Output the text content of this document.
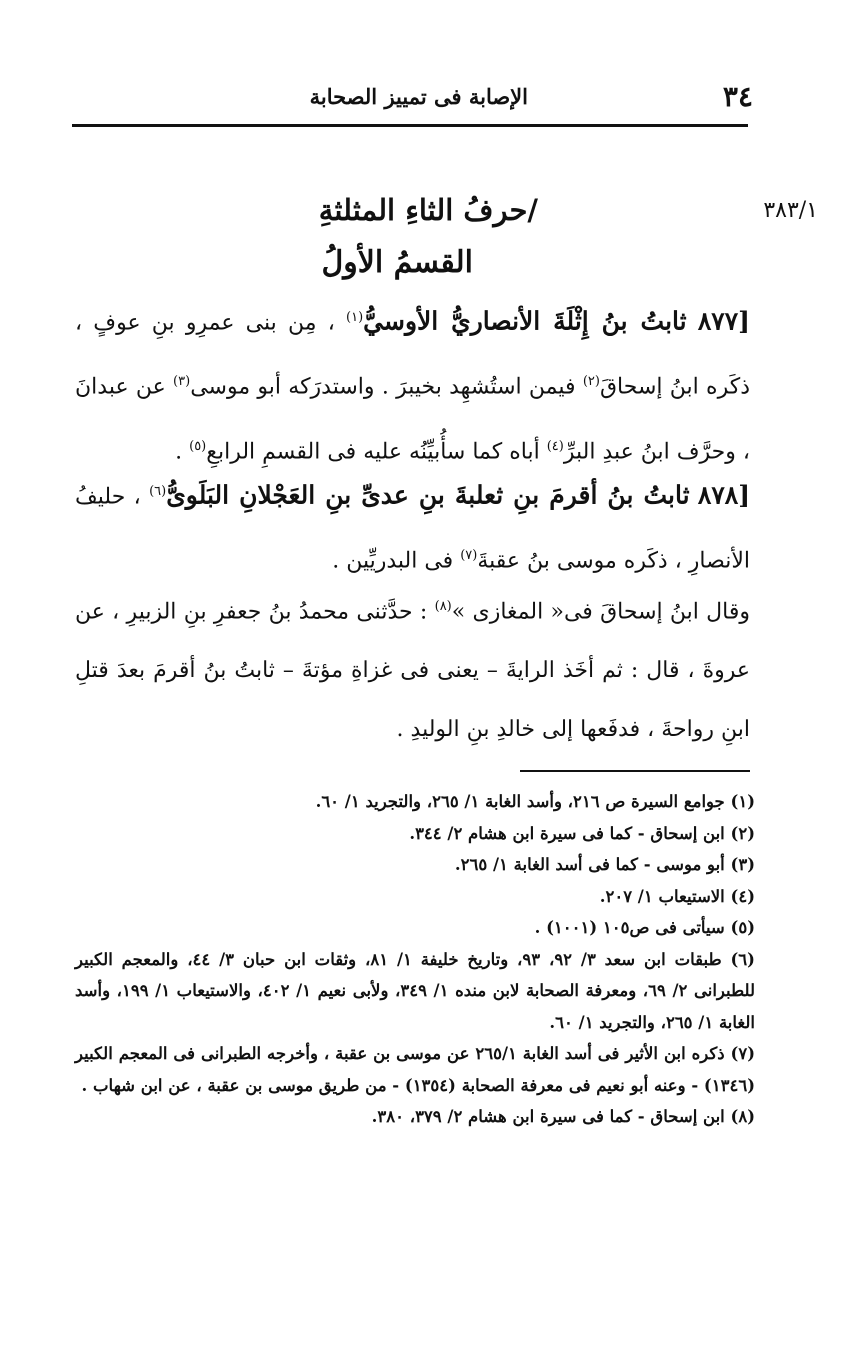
٣٤
الإصابة فى تمييز الصحابة
٣٨٣/١
/حرفُ الثاءِ المثلثةِ
القسمُ الأولُ

[٨٧٧ ثابتُ بنُ إِثْلَةَ الأنصاريُّ الأوسيُّ$^{(١)}$ ، مِن بنى عمرِو بنِ عوفٍ ، ذكَره ابنُ إسحاقَ$^{(٢)}$ فيمن استُشهِد بخيبرَ . واستدرَكه أبو موسى$^{(٣)}$ عن عبدانَ ، وحرَّف ابنُ عبدِ البرِّ$^{(٤)}$ أباه كما سأُبيِّنُه عليه فى القسمِ الرابعِ$^{(٥)}$ .

[٨٧٨ ثابتُ بنُ أقرمَ بنِ ثعلبةَ بنِ عدىِّ بنِ العَجْلانِ البَلَوىُّ$^{(٦)}$ ، حليفُ الأنصارِ ، ذكَره موسى بنُ عقبةَ$^{(٧)}$ فى البدريِّين .

وقال ابنُ إسحاقَ فى« المغازى »$^{(٨)}$ : حدَّثنى محمدُ بنُ جعفرِ بنِ الزبيرِ ، عن عروةَ ، قال : ثم أخَذ الرايةَ – يعنى فى غزاةِ مؤتةَ – ثابتُ بنُ أقرمَ بعدَ قتلِ ابنِ رواحةَ ، فدفَعها إلى خالدِ بنِ الوليدِ .

(١) جوامع السيرة ص ٢١٦، وأسد الغابة ١/ ٢٦٥، والتجريد ١/ ٦٠.
(٢) ابن إسحاق - كما فى سيرة ابن هشام ٢/ ٣٤٤.
(٣) أبو موسى - كما فى أسد الغابة ١/ ٢٦٥.
(٤) الاستيعاب ١/ ٢٠٧.
(٥) سيأتى فى ص١٠٥ (١٠٠١) .
(٦) طبقات ابن سعد ٣/ ٩٢، ٩٣، وتاريخ خليفة ١/ ٨١، وثقات ابن حبان ٣/ ٤٤، والمعجم الكبير للطبرانى ٢/ ٦٩، ومعرفة الصحابة لابن منده ١/ ٣٤٩، ولأبى نعيم ١/ ٤٠٢، والاستيعاب ١/ ١٩٩، وأسد الغابة ١/ ٢٦٥، والتجريد ١/ ٦٠.
(٧) ذكره ابن الأثير فى أسد الغابة ٢٦٥/١ عن موسى بن عقبة ، وأخرجه الطبرانى فى المعجم الكبير (١٣٤٦) - وعنه أبو نعيم فى معرفة الصحابة (١٣٥٤) - من طريق موسى بن عقبة ، عن ابن شهاب .
(٨) ابن إسحاق - كما فى سيرة ابن هشام ٢/ ٣٧٩، ٣٨٠.
